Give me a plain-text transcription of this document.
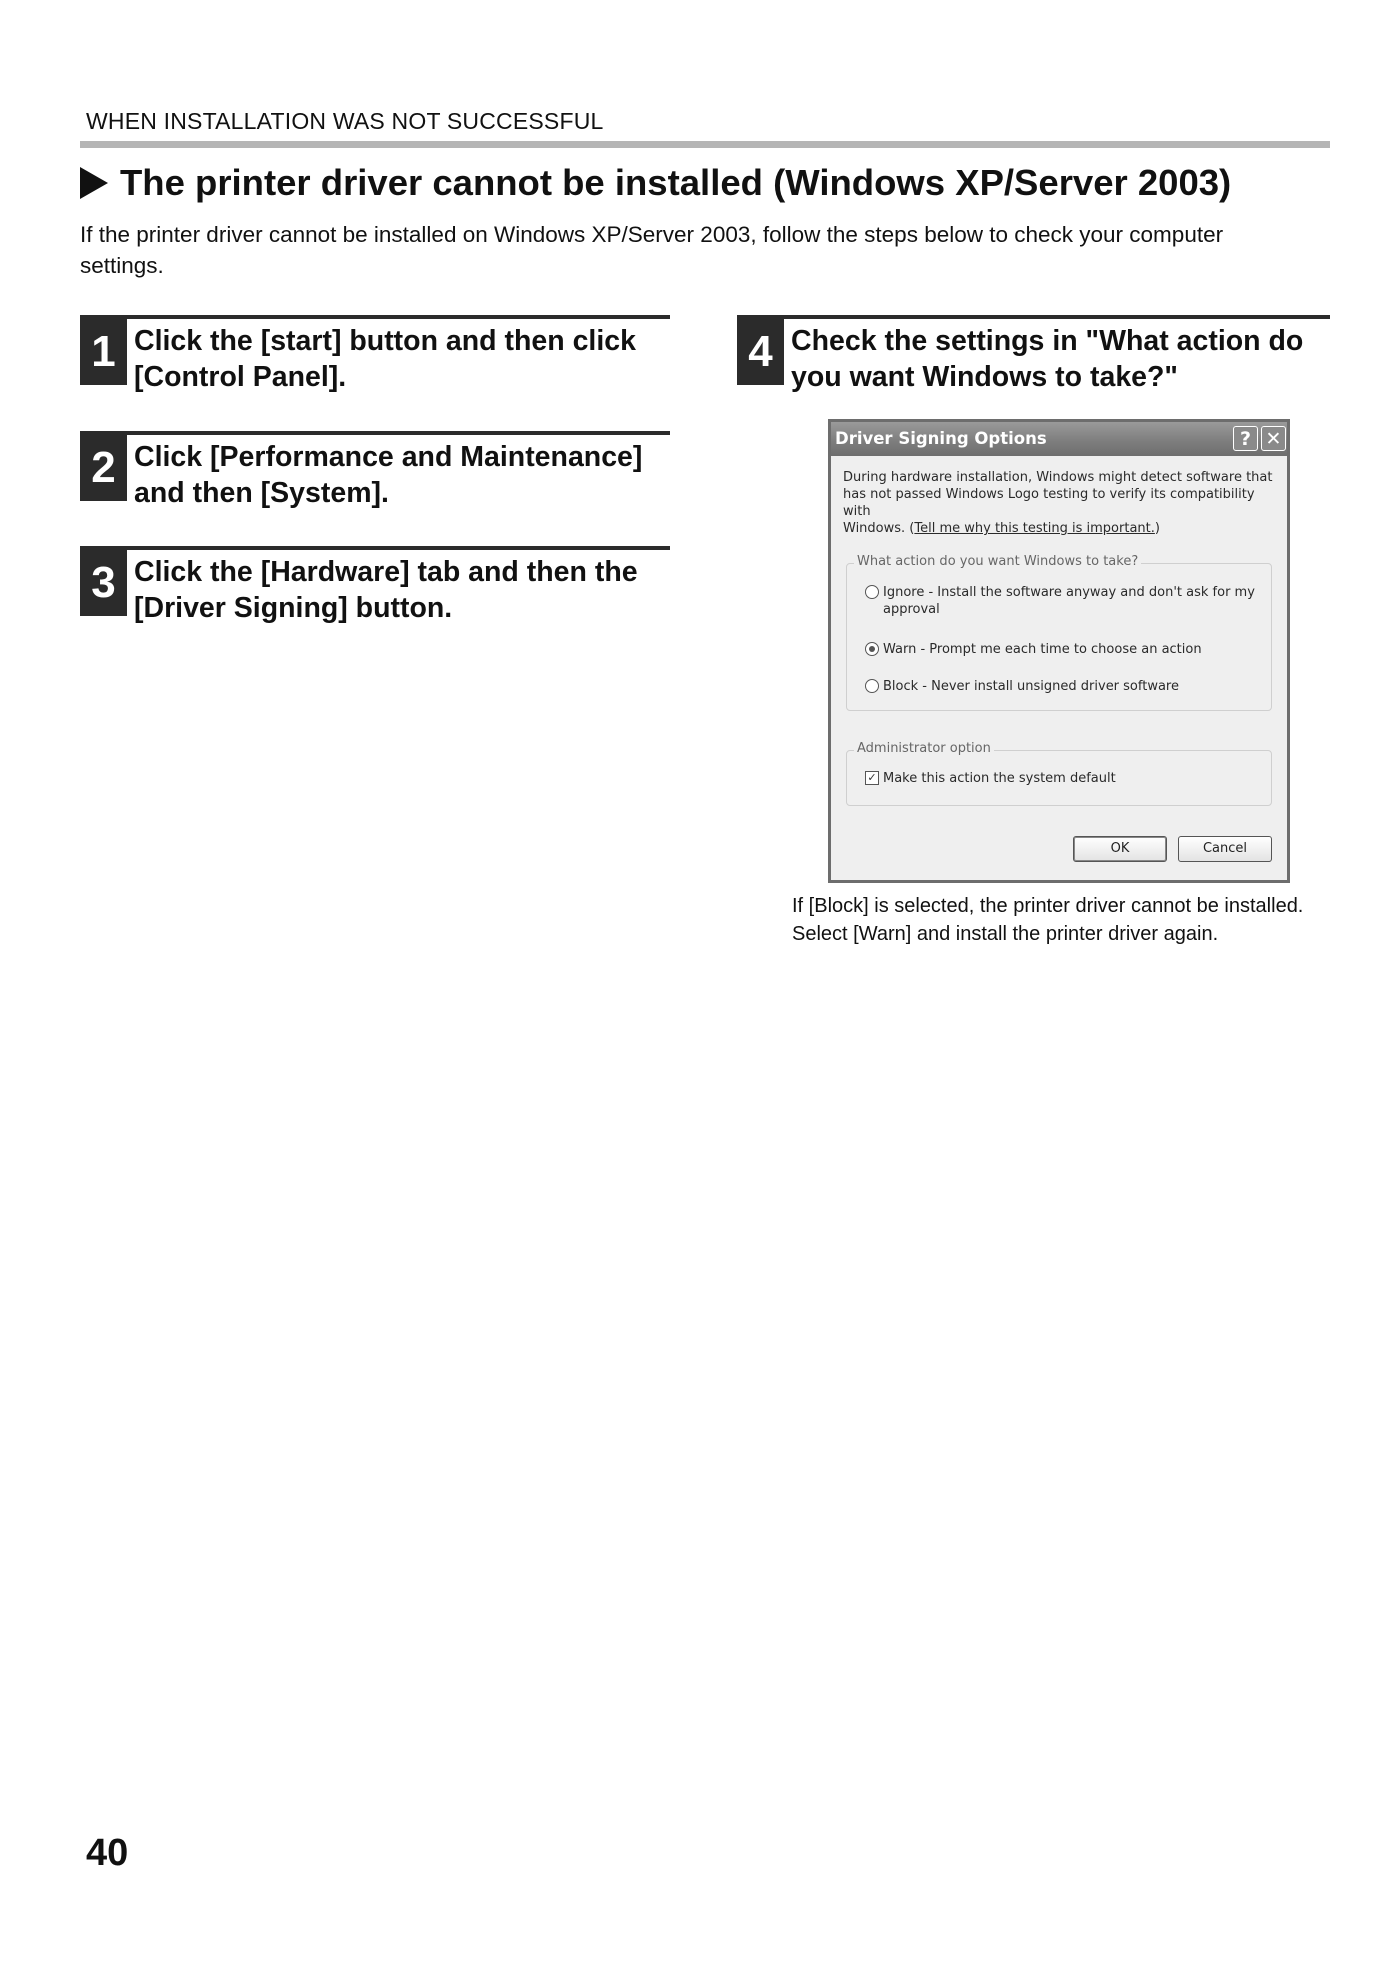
WHEN INSTALLATION WAS NOT SUCCESSFUL
The printer driver cannot be installed (Windows XP/Server 2003)
If the printer driver cannot be installed on Windows XP/Server 2003, follow the steps below to check your computer
settings.
1 Click the [start] button and then click
[Control Panel].
2 Click [Performance and Maintenance]
and then [System].
3 Click the [Hardware] tab and then the
[Driver Signing] button.
4 Check the settings in "What action do
you want Windows to take?"
Driver Signing Options	? ✕
During hardware installation, Windows might detect software that
has not passed Windows Logo testing to verify its compatibility with
Windows. (Tell me why this testing is important.)
What action do you want Windows to take?
Ignore - Install the software anyway and don't ask for my
approval
Warn - Prompt me each time to choose an action
Block - Never install unsigned driver software
Administrator option
✓ Make this action the system default
OK	Cancel
If [Block] is selected, the printer driver cannot be installed.
Select [Warn] and install the printer driver again.
40
